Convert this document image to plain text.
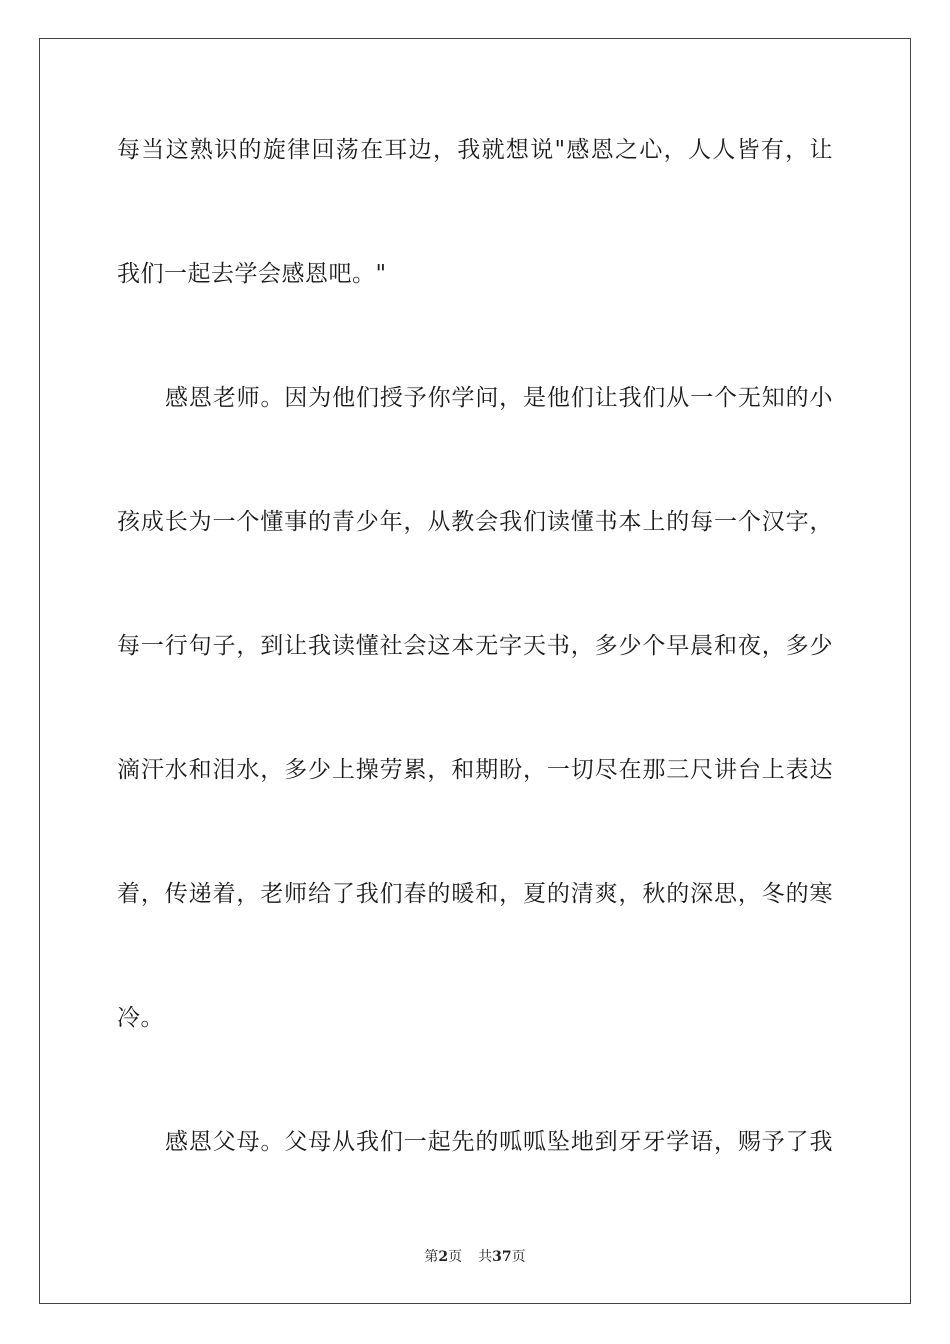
每当这熟识的旋律回荡在耳边，我就想说"感恩之心，人人皆有，让
我们一起去学会感恩吧。"
感恩老师。因为他们授予你学问，是他们让我们从一个无知的小
孩成长为一个懂事的青少年，从教会我们读懂书本上的每一个汉字，
每一行句子，到让我读懂社会这本无字天书，多少个早晨和夜，多少
滴汗水和泪水，多少上操劳累，和期盼，一切尽在那三尺讲台上表达
着，传递着，老师给了我们春的暖和，夏的清爽，秋的深思，冬的寒
冷。
感恩父母。父母从我们一起先的呱呱坠地到牙牙学语，赐予了我
第2页 共37页
